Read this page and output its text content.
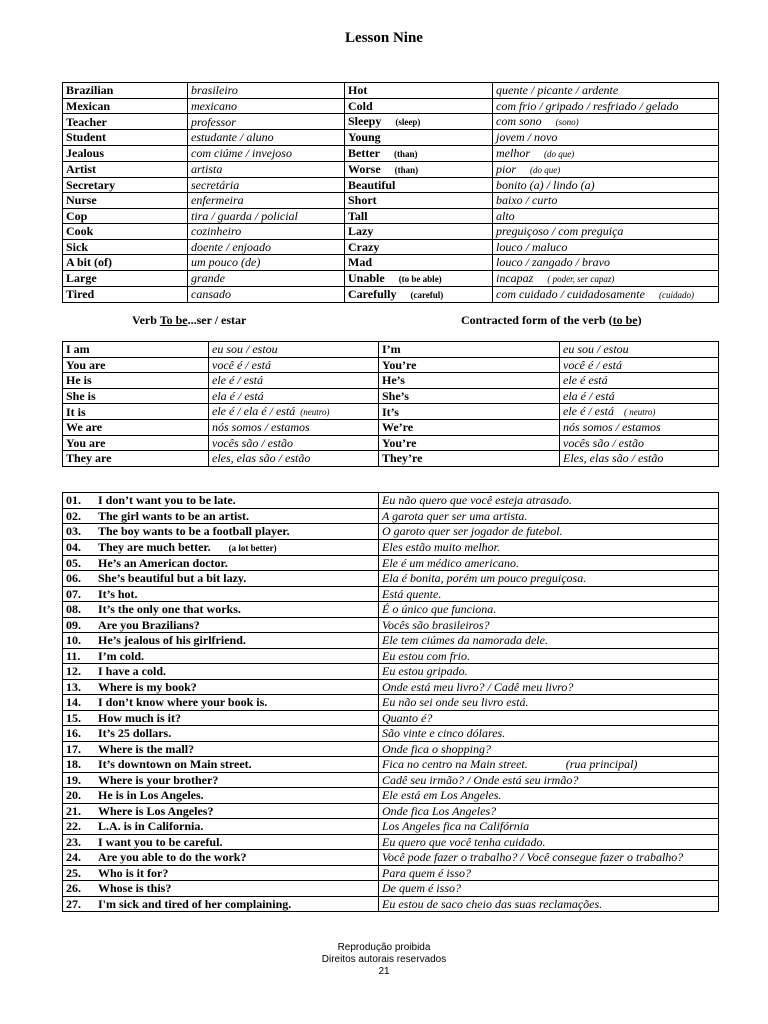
Lesson Nine
Brazilian	brasileiro	Hot	quente / picante / ardente
Mexican	mexicano	Cold	com frio / gripado / resfriado / gelado
Teacher	professor	Sleepy (sleep)	com sono (sono)
Student	estudante / aluno	Young	jovem / novo
Jealous	com ciúme / invejoso	Better (than)	melhor (do que)
Artist	artista	Worse (than)	pior (do que)
Secretary	secretária	Beautiful	bonito (a) / lindo (a)
Nurse	enfermeira	Short	baixo / curto
Cop	tira / guarda / policial	Tall	alto
Cook	cozinheiro	Lazy	preguiçoso / com preguiça
Sick	doente / enjoado	Crazy	louco / maluco
A bit (of)	um pouco (de)	Mad	louco / zangado / bravo
Large	grande	Unable (to be able)	incapaz ( poder, ser capaz)
Tired	cansado	Carefully (careful)	com cuidado / cuidadosamente (cuidado)
Verb To be...ser / estar	Contracted form of the verb (to be)
I am	eu sou / estou	I’m	eu sou / estou
You are	você é / está	You’re	você é / está
He is	ele é / está	He’s	ele é está
She is	ela é / está	She’s	ela é / está
It is	ele é / ela é / está (neutro)	It’s	ele é / está ( neutro)
We are	nós somos / estamos	We’re	nós somos / estamos
You are	vocês são / estão	You’re	vocês são / estão
They are	eles, elas são / estão	They’re	Eles, elas são / estão
01. I don’t want you to be late.	Eu não quero que você esteja atrasado.
02. The girl wants to be an artist.	A garota quer ser uma artista.
03. The boy wants to be a football player.	O garoto quer ser jogador de futebol.
04. They are much better. (a lot better)	Eles estão muito melhor.
05. He’s an American doctor.	Ele é um médico americano.
06. She’s beautiful but a bit lazy.	Ela é bonita, porém um pouco preguiçosa.
07. It’s hot.	Está quente.
08. It’s the only one that works.	É o único que funciona.
09. Are you Brazilians?	Vocês são brasileiros?
10. He’s jealous of his girlfriend.	Ele tem ciúmes da namorada dele.
11. I’m cold.	Eu estou com frio.
12. I have a cold.	Eu estou gripado.
13. Where is my book?	Onde está meu livro? / Cadê meu livro?
14. I don’t know where your book is.	Eu não sei onde seu livro está.
15. How much is it?	Quanto é?
16. It’s 25 dollars.	São vinte e cinco dólares.
17. Where is the mall?	Onde fica o shopping?
18. It’s downtown on Main street.	Fica no centro na Main street. (rua principal)
19. Where is your brother?	Cadê seu irmão? / Onde está seu irmão?
20. He is in Los Angeles.	Ele está em Los Angeles.
21. Where is Los Angeles?	Onde fica Los Angeles?
22. L.A. is in California.	Los Angeles fica na Califórnia
23. I want you to be careful.	Eu quero que você tenha cuidado.
24. Are you able to do the work?	Você pode fazer o trabalho? / Você consegue fazer o trabalho?
25. Who is it for?	Para quem é isso?
26. Whose is this?	De quem é isso?
27. I'm sick and tired of her complaining.	Eu estou de saco cheio das suas reclamações.
Reprodução proibida
Direitos autorais reservados
21
